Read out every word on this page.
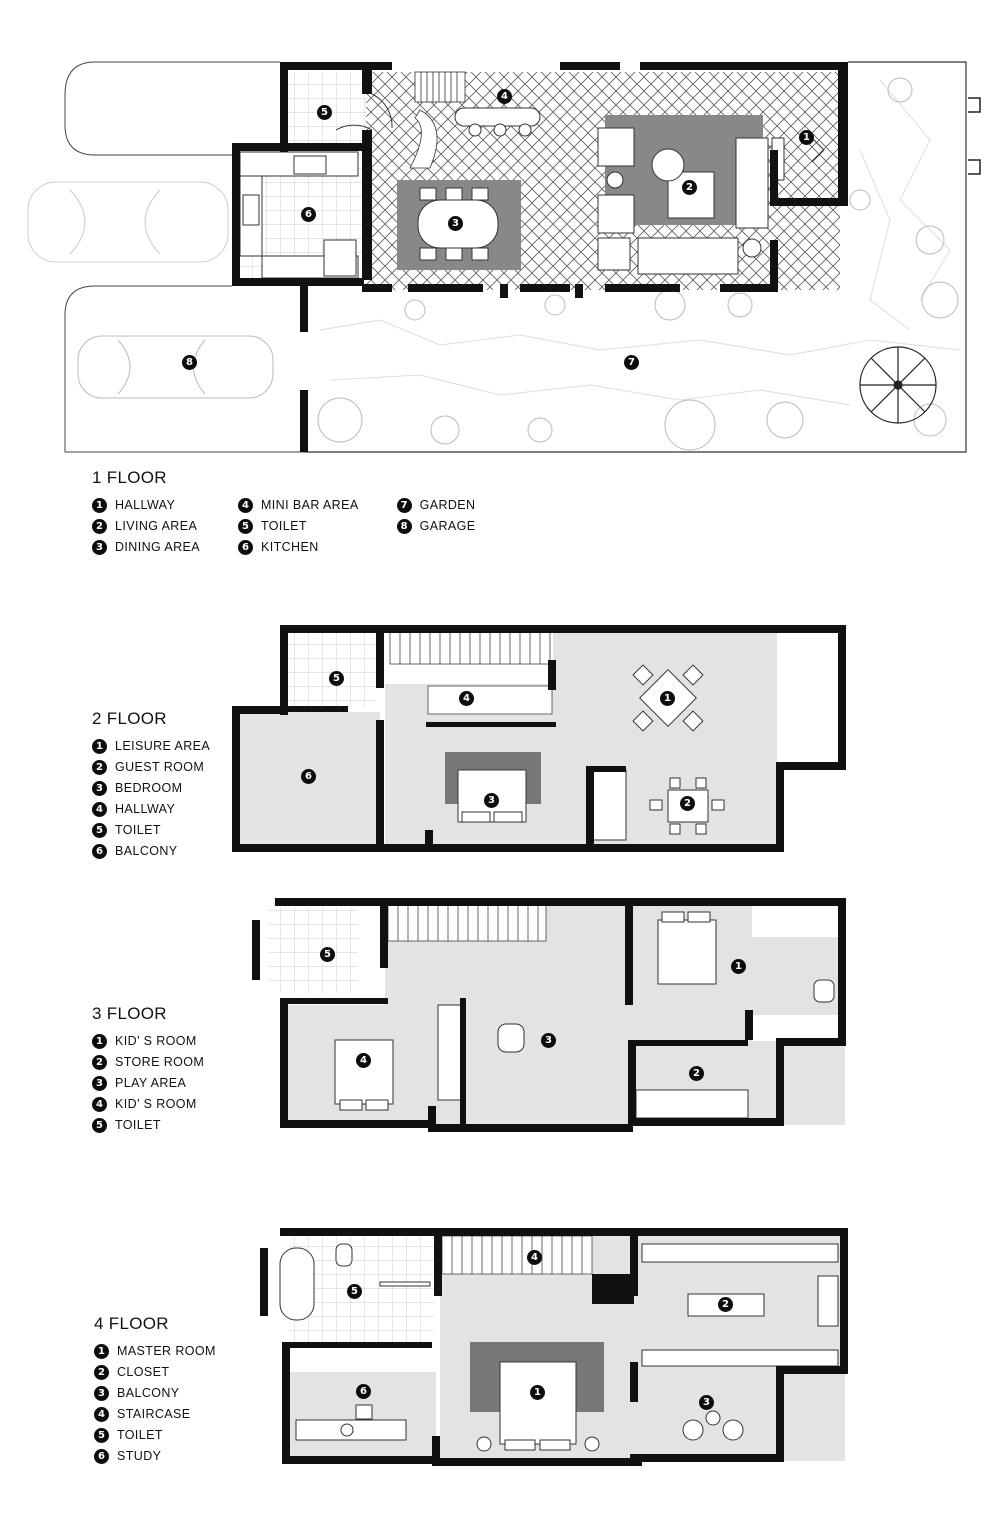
1
2
3
4
5
6
7
8
1
2
3
4
5
6
1
2
3
4
5
1
2
3
4
5
6
1 FLOOR
1 HALLWAY
2 LIVING AREA
3 DINING AREA
4 MINI BAR AREA
5 TOILET
6 KITCHEN
7 GARDEN
8 GARAGE
2 FLOOR
1 LEISURE AREA
2 GUEST ROOM
3 BEDROOM
4 HALLWAY
5 TOILET
6 BALCONY
3 FLOOR
1 KID’ S ROOM
2 STORE ROOM
3 PLAY AREA
4 KID’ S ROOM
5 TOILET
4 FLOOR
1 MASTER ROOM
2 CLOSET
3 BALCONY
4 STAIRCASE
5 TOILET
6 STUDY
